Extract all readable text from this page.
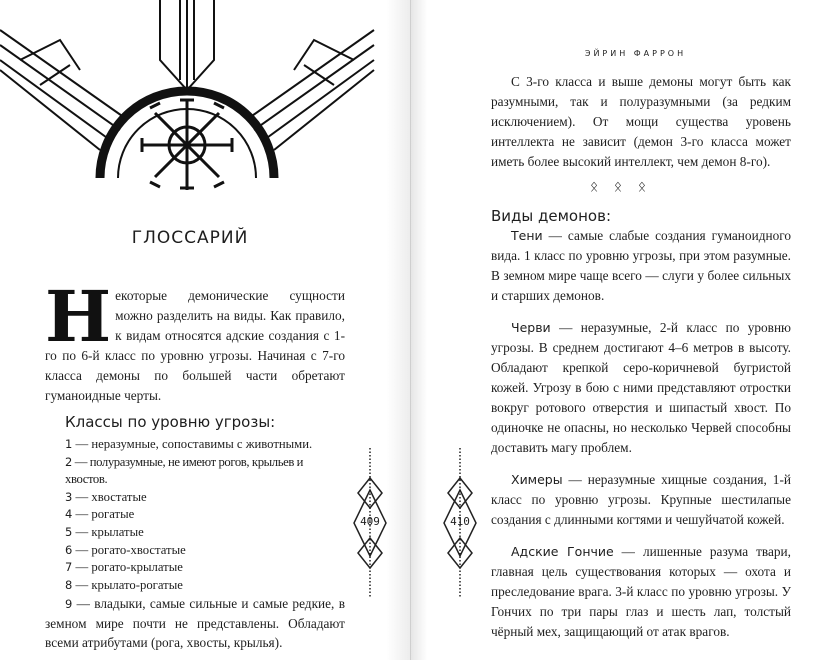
ГЛОССАРИЙ
Н екоторые демонические сущности можно разделить на виды. Как правило, к видам относятся адские создания с 1-го по 6-й класс по уровню угрозы. Начиная с 7-го класса демоны по большей части обретают гуманоидные черты.

Классы по уровню угрозы:
1 — неразумные, сопоставимы с животными.
2 — полуразумные, не имеют рогов, крыльев и хвостов.
3 — хвостатые
4 — рогатые
5 — крылатые
6 — рогато-хвостатые
7 — рогато-крылатые
8 — крылато-рогатые
9 — владыки, самые сильные и самые редкие, в земном мире почти не представлены. Обладают всеми атрибутами (рога, хвосты, крылья).
409
ЭЙРИН ФАРРОН

С 3-го класса и выше демоны могут быть как разумными, так и полуразумными (за редким исключением). От мощи существа уровень интеллекта не зависит (демон 3-го класса может иметь более высокий интеллект, чем демон 8-го).

ᛟ ᛟ ᛟ
Виды демонов:

Тени — самые слабые создания гуманоидного вида. 1 класс по уровню угрозы, при этом разумные. В земном мире чаще всего — слуги у более сильных и старших демонов.

Черви — неразумные, 2-й класс по уровню угрозы. В среднем достигают 4–6 метров в высоту. Обладают крепкой серо-коричневой бугристой кожей. Угрозу в бою с ними представляют отростки вокруг ротового отверстия и шипастый хвост. По одиночке не опасны, но несколько Червей способны доставить магу проблем.

Химеры — неразумные хищные создания, 1-й класс по уровню угрозы. Крупные шестилапые создания с длинными когтями и чешуйчатой кожей.

Адские Гончие — лишенные разума твари, главная цель существования которых — охота и преследование врага. 3-й класс по уровню угрозы. У Гончих по три пары глаз и шесть лап, толстый чёрный мех, защищающий от атак врагов.

410
